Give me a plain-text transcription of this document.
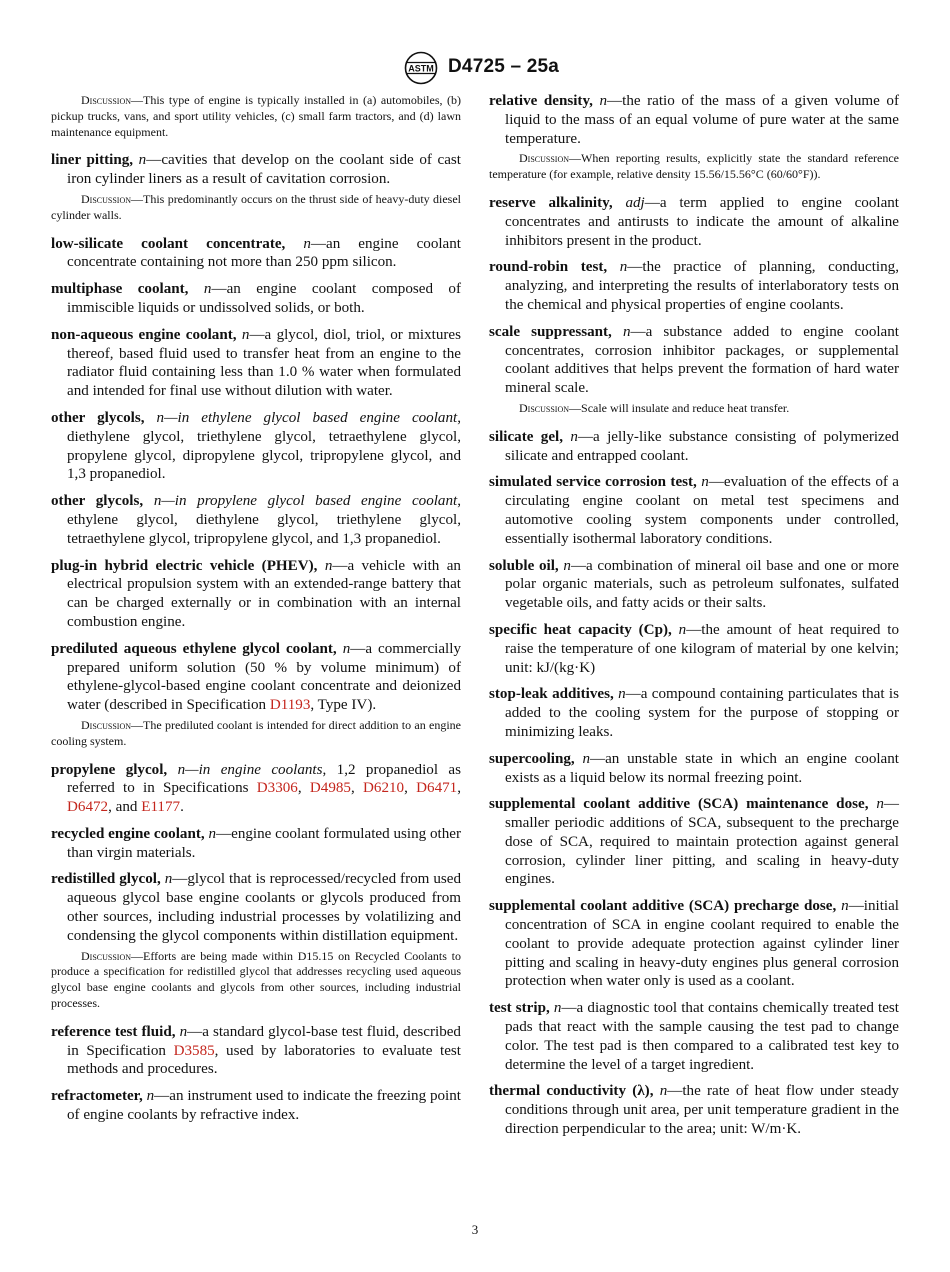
ASTM D4725 – 25a

Discussion—This type of engine is typically installed in (a) automobiles, (b) pickup trucks, vans, and sport utility vehicles, (c) small farm tractors, and (d) lawn maintenance equipment.

liner pitting, n—cavities that develop on the coolant side of cast iron cylinder liners as a result of cavitation corrosion.

Discussion—This predominantly occurs on the thrust side of heavy-duty diesel cylinder walls.

low-silicate coolant concentrate, n—an engine coolant concentrate containing not more than 250 ppm silicon.

multiphase coolant, n—an engine coolant composed of immiscible liquids or undissolved solids, or both.

non-aqueous engine coolant, n—a glycol, diol, triol, or mixtures thereof, based fluid used to transfer heat from an engine to the radiator fluid containing less than 1.0 % water when formulated and intended for final use without dilution with water.

other glycols, n—in ethylene glycol based engine coolant, diethylene glycol, triethylene glycol, tetraethylene glycol, propylene glycol, dipropylene glycol, tripropylene glycol, and 1,3 propanediol.

other glycols, n—in propylene glycol based engine coolant, ethylene glycol, diethylene glycol, triethylene glycol, tetraethylene glycol, tripropylene glycol, and 1,3 propanediol.

plug-in hybrid electric vehicle (PHEV), n—a vehicle with an electrical propulsion system with an extended-range battery that can be charged externally or in combination with an internal combustion engine.

prediluted aqueous ethylene glycol coolant, n—a commercially prepared uniform solution (50 % by volume minimum) of ethylene-glycol-based engine coolant concentrate and deionized water (described in Specification D1193, Type IV).

Discussion—The prediluted coolant is intended for direct addition to an engine cooling system.

propylene glycol, n—in engine coolants, 1,2 propanediol as referred to in Specifications D3306, D4985, D6210, D6471, D6472, and E1177.

recycled engine coolant, n—engine coolant formulated using other than virgin materials.

redistilled glycol, n—glycol that is reprocessed/recycled from used aqueous glycol base engine coolants or glycols produced from other sources, including industrial processes by volatilizing and condensing the glycol components within distillation equipment.

Discussion—Efforts are being made within D15.15 on Recycled Coolants to produce a specification for redistilled glycol that addresses recycling used aqueous glycol base engine coolants and glycols from other sources, including industrial processes.

reference test fluid, n—a standard glycol-base test fluid, described in Specification D3585, used by laboratories to evaluate test methods and procedures.

refractometer, n—an instrument used to indicate the freezing point of engine coolants by refractive index.

relative density, n—the ratio of the mass of a given volume of liquid to the mass of an equal volume of pure water at the same temperature.

Discussion—When reporting results, explicitly state the standard reference temperature (for example, relative density 15.56/15.56°C (60/60°F)).

reserve alkalinity, adj—a term applied to engine coolant concentrates and antirusts to indicate the amount of alkaline inhibitors present in the product.

round-robin test, n—the practice of planning, conducting, analyzing, and interpreting the results of interlaboratory tests on the chemical and physical properties of engine coolants.

scale suppressant, n—a substance added to engine coolant concentrates, corrosion inhibitor packages, or supplemental coolant additives that helps prevent the formation of hard water mineral scale.

Discussion—Scale will insulate and reduce heat transfer.

silicate gel, n—a jelly-like substance consisting of polymerized silicate and entrapped coolant.

simulated service corrosion test, n—evaluation of the effects of a circulating engine coolant on metal test specimens and automotive cooling system components under controlled, essentially isothermal laboratory conditions.

soluble oil, n—a combination of mineral oil base and one or more polar organic materials, such as petroleum sulfonates, sulfated vegetable oils, and fatty acids or their salts.

specific heat capacity (Cp), n—the amount of heat required to raise the temperature of one kilogram of material by one kelvin; unit: kJ/(kg·K)

stop-leak additives, n—a compound containing particulates that is added to the cooling system for the purpose of stopping or minimizing leaks.

supercooling, n—an unstable state in which an engine coolant exists as a liquid below its normal freezing point.

supplemental coolant additive (SCA) maintenance dose, n—smaller periodic additions of SCA, subsequent to the precharge dose of SCA, required to maintain protection against general corrosion, cylinder liner pitting, and scaling in heavy-duty engines.

supplemental coolant additive (SCA) precharge dose, n—initial concentration of SCA in engine coolant required to enable the coolant to provide adequate protection against cylinder liner pitting and scaling in heavy-duty engines plus general corrosion protection when water only is used as a coolant.

test strip, n—a diagnostic tool that contains chemically treated test pads that react with the sample causing the test pad to change color. The test pad is then compared to a calibrated test key to determine the level of a target ingredient.

thermal conductivity (λ), n—the rate of heat flow under steady conditions through unit area, per unit temperature gradient in the direction perpendicular to the area; unit: W/m·K.

3
